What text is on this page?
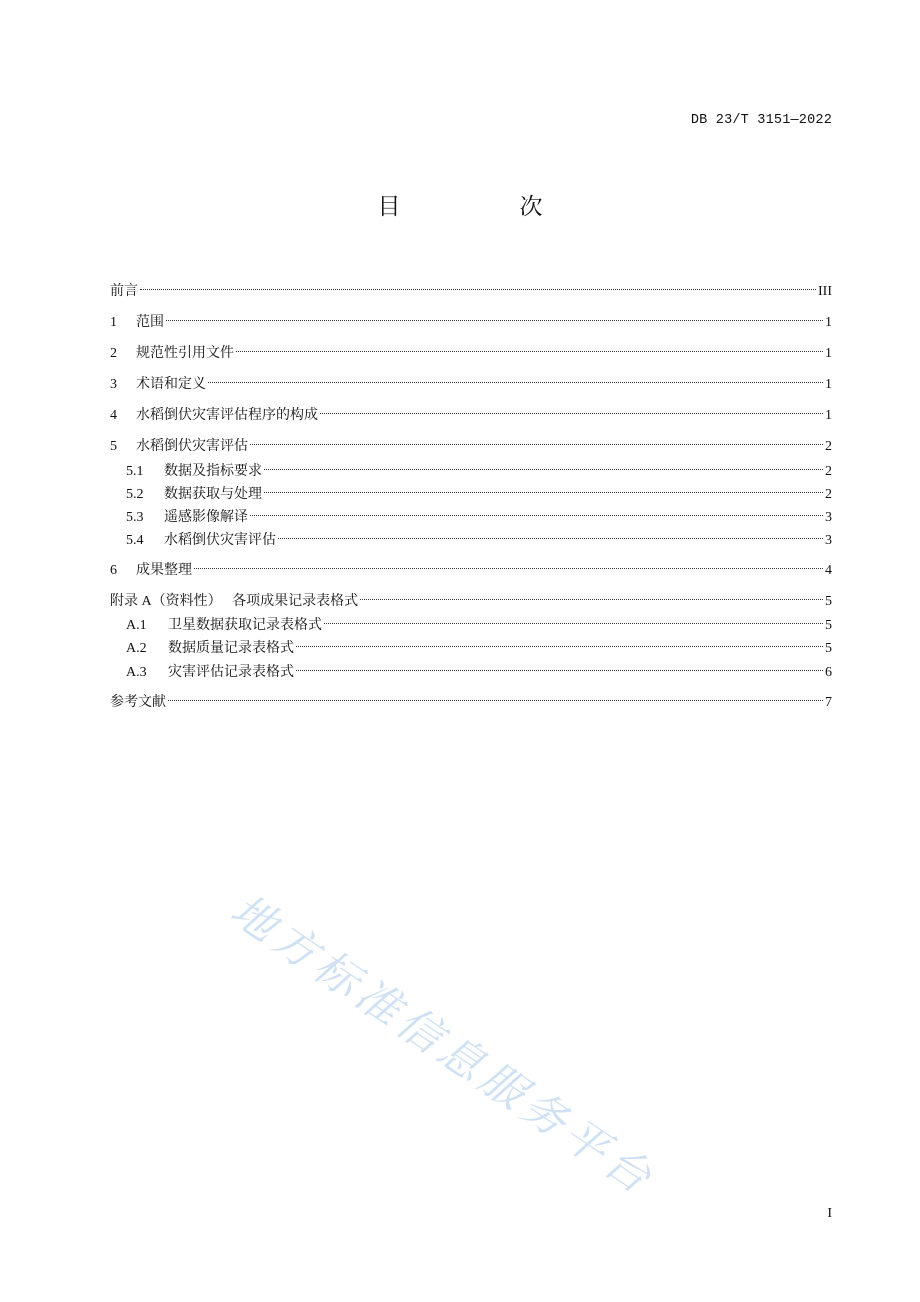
DB 23/T 3151—2022
目　次
前言	III
1	范围	1
2	规范性引用文件	1
3	术语和定义	1
4	水稻倒伏灾害评估程序的构成	1
5	水稻倒伏灾害评估	2
5.1	数据及指标要求	2
5.2	数据获取与处理	2
5.3	遥感影像解译	3
5.4	水稻倒伏灾害评估	3
6	成果整理	4
附录 A（资料性）　 各项成果记录表格式	5
A.1	卫星数据获取记录表格式	5
A.2	数据质量记录表格式	5
A.3	灾害评估记录表格式	6
参考文献	7
地方标准信息服务平台
I
